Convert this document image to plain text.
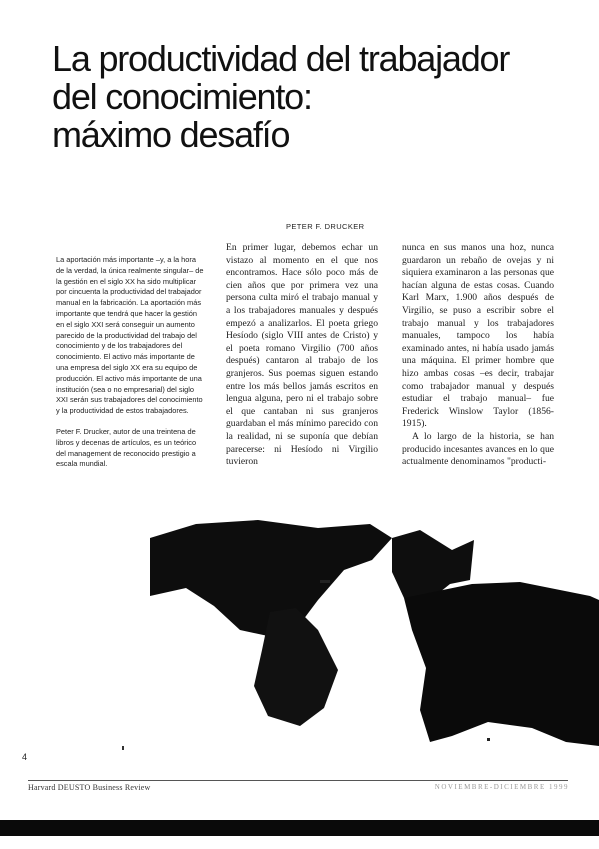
La productividad del trabajador
del conocimiento:
máximo desafío
PETER F. DRUCKER

La aportación más importante –y, a la hora de la verdad, la única realmente singular– de la gestión en el siglo XX ha sido multiplicar por cincuenta la productividad del trabajador manual en la fabricación. La aportación más importante que tendrá que hacer la gestión en el siglo XXI será conseguir un aumento parecido de la productividad del trabajo del conocimiento y de los trabajadores del conocimiento. El activo más importante de una empresa del siglo XX era su equipo de producción. El activo más importante de una institución (sea o no empresarial) del siglo XXI serán sus trabajadores del conocimiento y la productividad de estos trabajadores.

Peter F. Drucker, autor de una treintena de libros y decenas de artículos, es un teórico del management de reconocido prestigio a escala mundial.

En primer lugar, debemos echar un vistazo al momento en el que nos encontramos. Hace sólo poco más de cien años que por primera vez una persona culta miró el trabajo manual y a los trabajadores manuales y después empezó a analizarlos. El poeta griego Hesíodo (siglo VIII antes de Cristo) y el poeta romano Virgilio (700 años después) cantaron al trabajo de los granjeros. Sus poemas siguen estando entre los más bellos jamás escritos en lengua alguna, pero ni el trabajo sobre el que cantaban ni sus granjeros guardaban el más mínimo parecido con la realidad, ni se suponía que debían parecerse: ni Hesíodo ni Virgilio tuvieron

nunca en sus manos una hoz, nunca guardaron un rebaño de ovejas y ni siquiera examinaron a las personas que hacían alguna de estas cosas. Cuando Karl Marx, 1.900 años después de Virgilio, se puso a escribir sobre el trabajo manual y los trabajadores manuales, tampoco los había examinado antes, ni había usado jamás una máquina. El primer hombre que hizo ambas cosas –es decir, trabajar como trabajador manual y después estudiar el trabajo manual– fue Frederick Winslow Taylor (1856-1915).

A lo largo de la historia, se han producido incesantes avances en lo que actualmente denominamos "producti-

4
Harvard DEUSTO Business Review	NOVIEMBRE-DICIEMBRE 1999
